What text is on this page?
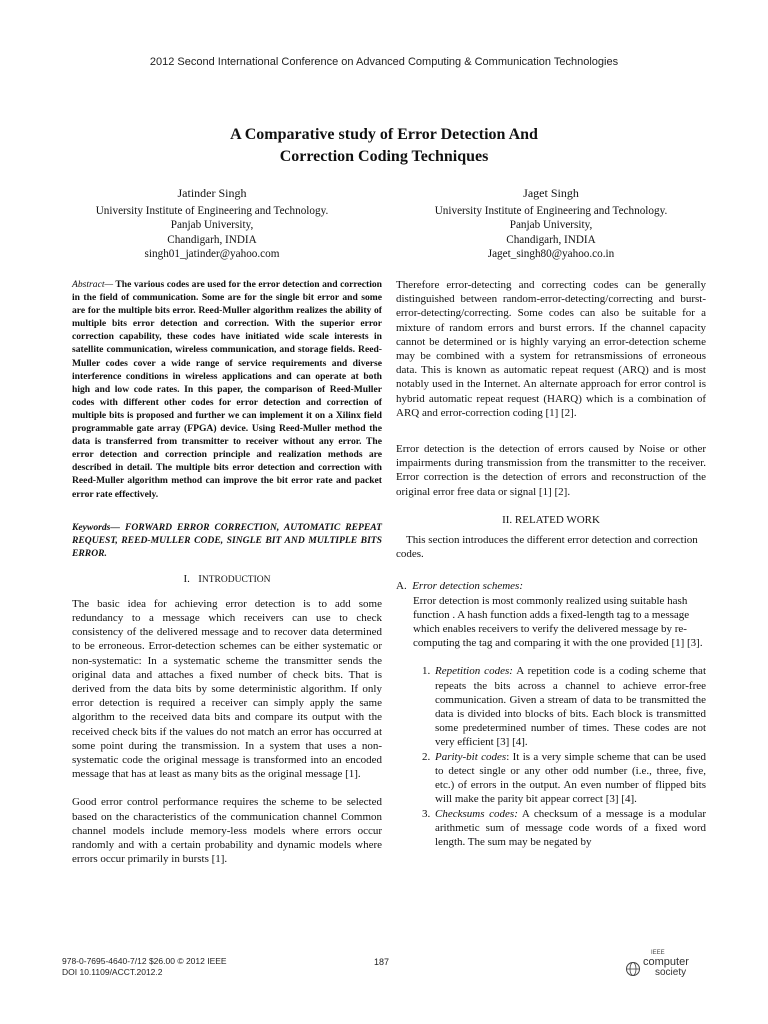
2012 Second International Conference on Advanced Computing & Communication Technologies
A Comparative study of Error Detection And
Correction Coding Techniques
Jatinder Singh
University Institute of Engineering and Technology.
Panjab University,
Chandigarh, INDIA
singh01_jatinder@yahoo.com
Jaget Singh
University Institute of Engineering and Technology.
Panjab University,
Chandigarh, INDIA
Jaget_singh80@yahoo.co.in
Abstract— The various codes are used for the error detection and correction in the field of communication. Some are for the single bit error and some are for the multiple bits error. Reed-Muller algorithm realizes the ability of multiple bits error detection and correction. With the superior error correction capability, these codes have initiated wide scale interests in satellite communication, wireless communication, and storage fields. Reed-Muller codes cover a wide range of service requirements and diverse interference conditions in wireless applications and can operate at both high and low code rates. In this paper, the comparison of Reed-Muller codes with different other codes for error detection and correction of multiple bits is proposed and further we can implement it on a Xilinx field programmable gate array (FPGA) device. Using Reed-Muller method the data is transferred from transmitter to receiver without any error. The error detection and correction principle and realization methods are described in detail. The multiple bits error detection and correction with Reed-Muller algorithm method can improve the bit error rate and packet error rate effectively.
Keywords— FORWARD ERROR CORRECTION, AUTOMATIC REPEAT REQUEST, REED-MULLER CODE, SINGLE BIT AND MULTIPLE BITS ERROR.
I. INTRODUCTION

The basic idea for achieving error detection is to add some redundancy to a message which receivers can use to check consistency of the delivered message and to recover data determined to be erroneous. Error-detection schemes can be either systematic or non-systematic: In a systematic scheme the transmitter sends the original data and attaches a fixed number of check bits. That is derived from the data bits by some deterministic algorithm. If only error detection is required a receiver can simply apply the same algorithm to the received data bits and compare its output with the received check bits if the values do not match an error has occurred at some point during the transmission. In a system that uses a non-systematic code the original message is transformed into an encoded message that has at least as many bits as the original message [1].

Good error control performance requires the scheme to be selected based on the characteristics of the communication channel Common channel models include memory-less models where errors occur randomly and with a certain probability and dynamic models where errors occur primarily in bursts [1].

Therefore error-detecting and correcting codes can be generally distinguished between random-error-detecting/correcting and burst-error-detecting/correcting. Some codes can also be suitable for a mixture of random errors and burst errors. If the channel capacity cannot be determined or is highly varying an error-detection scheme may be combined with a system for retransmissions of erroneous data. This is known as automatic repeat request (ARQ) and is most notably used in the Internet. An alternate approach for error control is hybrid automatic repeat request (HARQ) which is a combination of ARQ and error-correction coding [1] [2].

Error detection is the detection of errors caused by Noise or other impairments during transmission from the transmitter to the receiver. Error correction is the detection of errors and reconstruction of the original error free data or signal [1] [2].

II. RELATED WORK

This section introduces the different error detection and correction codes.

A. Error detection schemes:
Error detection is most commonly realized using suitable hash function . A hash function adds a fixed-length tag to a message which enables receivers to verify the delivered message by re-computing the tag and comparing it with the one provided [1] [3].
1. Repetition codes: A repetition code is a coding scheme that repeats the bits across a channel to achieve error-free communication. Given a stream of data to be transmitted the data is divided into blocks of bits. Each block is transmitted some predetermined number of times. These codes are not very efficient [3] [4].
2. Parity-bit codes: It is a very simple scheme that can be used to detect single or any other odd number (i.e., three, five, etc.) of errors in the output. An even number of flipped bits will make the parity bit appear correct [3] [4].
3. Checksums codes: A checksum of a message is a modular arithmetic sum of message code words of a fixed word length. The sum may be negated by
978-0-7695-4640-7/12 $26.00 © 2012 IEEE
DOI 10.1109/ACCT.2012.2
187
IEEE
computer
society
